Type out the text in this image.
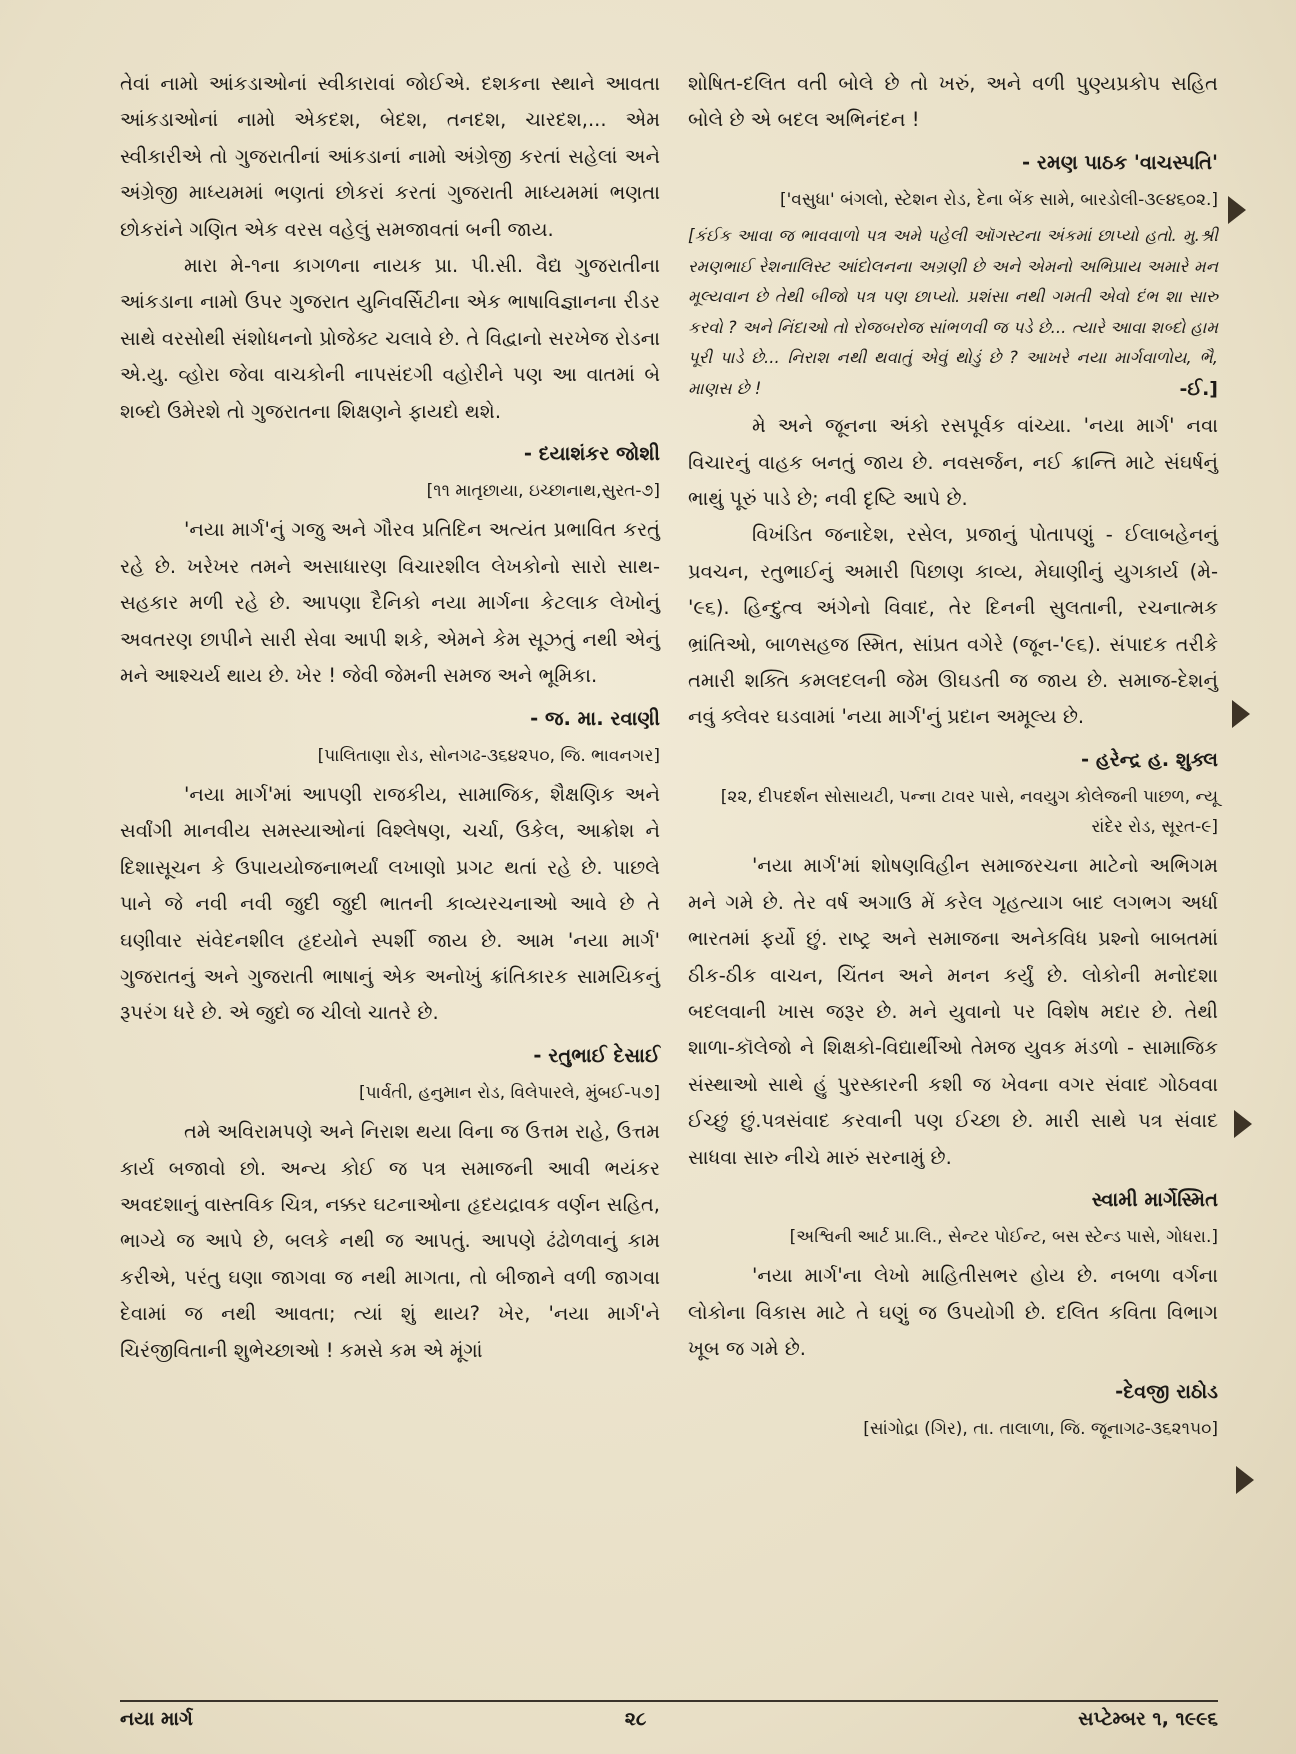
તેવાં નામો આંકડાઓનાં સ્વીકારાવાં જોઈએ. દશકના સ્થાને આવતા આંકડાઓનાં નામો એકદશ, બેદશ, તનદશ, ચારદશ,... એમ સ્વીકારીએ તો ગુજરાતીનાં આંકડાનાં નામો અંગ્રેજી કરતાં સહેલાં અને અંગ્રેજી માધ્યમમાં ભણતાં છોકરાં કરતાં ગુજરાતી માધ્યમમાં ભણતા છોકરાંને ગણિત એક વરસ વહેલું સમજાવતાં બની જાય.

મારા મે-૧ના કાગળના નાયક પ્રા. પી.સી. વૈદ્ય ગુજરાતીના આંકડાના નામો ઉપર ગુજરાત યુનિવર્સિટીના એક ભાષાવિજ્ઞાનના રીડર સાથે વરસોથી સંશોધનનો પ્રોજેક્ટ ચલાવે છે. તે વિદ્વાનો સરખેજ રોડના એ.યુ. વ્હોરા જેવા વાચકોની નાપસંદગી વહોરીને પણ આ વાતમાં બે શબ્દો ઉમેરશે તો ગુજરાતના શિક્ષણને ફાયદો થશે.

- દયાશંકર જોશી
[૧૧ માતૃછાયા, ઇચ્છાનાથ,સુરત-૭]

'નયા માર્ગ'નું ગજુ અને ગૌરવ પ્રતિદિન અત્યંત પ્રભાવિત કરતું રહે છે. ખરેખર તમને અસાધારણ વિચારશીલ લેખકોનો સારો સાથ-સહકાર મળી રહે છે. આપણા દૈનિકો નયા માર્ગના કેટલાક લેખોનું અવતરણ છાપીને સારી સેવા આપી શકે, એમને કેમ સૂઝતું નથી એનું મને આશ્ચર્ય થાય છે. ખેર ! જેવી જેમની સમજ અને ભૂમિકા.

- જ. મા. રવાણી
[પાલિતાણા રોડ, સોનગઢ-૩૬૪૨૫૦, જિ. ભાવનગર]

'નયા માર્ગ'માં આપણી રાજકીય, સામાજિક, શૈક્ષણિક અને સર્વાંગી માનવીય સમસ્યાઓનાં વિશ્લેષણ, ચર્ચા, ઉકેલ, આક્રોશ ને દિશાસૂચન કે ઉપાયયોજનાભર્યાં લખાણો પ્રગટ થતાં રહે છે. પાછલે પાને જે નવી નવી જુદી જુદી ભાતની કાવ્યરચનાઓ આવે છે તે ઘણીવાર સંવેદનશીલ હૃદયોને સ્પર્શી જાય છે. આમ 'નયા માર્ગ' ગુજરાતનું અને ગુજરાતી ભાષાનું એક અનોખું ક્રાંતિકારક સામયિકનું રૂપરંગ ધરે છે. એ જુદો જ ચીલો ચાતરે છે.

- રતુભાઈ દેસાઈ
[પાર્વતી, હનુમાન રોડ, વિલેપારલે, મુંબઈ-૫૭]

તમે અવિરામપણે અને નિરાશ થયા વિના જ ઉત્તમ રાહે, ઉત્તમ કાર્ય બજાવો છો. અન્ય કોઈ જ પત્ર સમાજની આવી ભયંકર અવદશાનું વાસ્તવિક ચિત્ર, નક્કર ઘટનાઓના હૃદયદ્રાવક વર્ણન સહિત, ભાગ્યે જ આપે છે, બલકે નથી જ આપતું. આપણે ઢંઢોળવાનું કામ કરીએ, પરંતુ ઘણા જાગવા જ નથી માગતા, તો બીજાને વળી જાગવા દેવામાં જ નથી આવતા; ત્યાં શું થાય? ખેર, 'નયા માર્ગ'ને ચિરંજીવિતાની શુભેચ્છાઓ ! કમસે કમ એ મૂંગાં

શોષિત-દલિત વતી બોલે છે તો ખરું, અને વળી પુણ્યપ્રકોપ સહિત બોલે છે એ બદલ અભિનંદન !

- રમણ પાઠક 'વાચસ્પતિ'
['વસુધા' બંગલો, સ્ટેશન રોડ, દેના બેંક સામે, બારડોલી-૩૯૪૬૦૨.]
[કંઈક આવા જ ભાવવાળો પત્ર અમે પહેલી ઑગસ્ટના અંકમાં છાપ્યો હતો. મુ.શ્રી રમણભાઈ રેશનાલિસ્ટ આંદોલનના અગ્રણી છે અને એમનો અભિપ્રાય અમારે મન મૂલ્યવાન છે તેથી બીજો પત્ર પણ છાપ્યો. પ્રશંસા નથી ગમતી એવો દંભ શા સારુ કરવો ? અને નિંદાઓ તો રોજબરોજ સાંભળવી જ પડે છે... ત્યારે આવા શબ્દો હામ પૂરી પાડે છે... નિરાશ નથી થવાતું એવું થોડું છે ? આખરે નયા માર્ગવાળોય, ભૈ, માણસ છે !	-ઈ.]

મે અને જૂનના અંકો રસપૂર્વક વાંચ્યા. 'નયા માર્ગ' નવા વિચારનું વાહક બનતું જાય છે. નવસર્જન, નઈ ક્રાન્તિ માટે સંઘર્ષનું ભાથું પૂરું પાડે છે; નવી દૃષ્ટિ આપે છે.

વિખંડિત જનાદેશ, રસેલ, પ્રજાનું પોતાપણું - ઈલાબહેનનું પ્રવચન, રતુભાઈનું અમારી પિછાણ કાવ્ય, મેઘાણીનું યુગકાર્ય (મે-'૯૬). હિન્દુત્વ અંગેનો વિવાદ, તેર દિનની સુલતાની, રચનાત્મક ભ્રાંતિઓ, બાળસહજ સ્મિત, સાંપ્રત વગેરે (જૂન-'૯૬). સંપાદક તરીકે તમારી શક્તિ કમલદલની જેમ ઊઘડતી જ જાય છે. સમાજ-દેશનું નવું ક્લેવર ઘડવામાં 'નયા માર્ગ'નું પ્રદાન અમૂલ્ય છે.

- હરેન્દ્ર હ. શુક્લ
[૨૨, દીપદર્શન સોસાયટી, પન્ના ટાવર પાસે, નવયુગ કોલેજની પાછળ, ન્યૂ રાંદેર રોડ, સૂરત-૯]

'નયા માર્ગ'માં શોષણવિહીન સમાજરચના માટેનો અભિગમ મને ગમે છે. તેર વર્ષ અગાઉ મેં કરેલ ગૃહત્યાગ બાદ લગભગ અર્ધા ભારતમાં ફર્યો છું. રાષ્ટ્ર અને સમાજના અનેકવિધ પ્રશ્નો બાબતમાં ઠીક-ઠીક વાચન, ચિંતન અને મનન કર્યું છે. લોકોની મનોદશા બદલવાની ખાસ જરૂર છે. મને યુવાનો પર વિશેષ મદાર છે. તેથી શાળા-કૉલેજો ને શિક્ષકો-વિદ્યાર્થીઓ તેમજ યુવક મંડળો - સામાજિક સંસ્થાઓ સાથે હું પુરસ્કારની કશી જ ખેવના વગર સંવાદ ગોઠવવા ઈચ્છું છું.પત્રસંવાદ કરવાની પણ ઈચ્છા છે. મારી સાથે પત્ર સંવાદ સાધવા સારુ નીચે મારું સરનામું છે.

સ્વામી માર્ગેસ્મિત
[અશ્વિની આર્ટ પ્રા.લિ., સેન્ટર પોઈન્ટ, બસ સ્ટેન્ડ પાસે, ગોધરા.]

'નયા માર્ગ'ના લેખો માહિતીસભર હોય છે. નબળા વર્ગના લોકોના વિકાસ માટે તે ઘણું જ ઉપયોગી છે. દલિત કવિતા વિભાગ ખૂબ જ ગમે છે.

-દેવજી રાઠોડ
[સાંગોદ્રા (ગિર), તા. તાલાળા, જિ. જૂનાગઢ-૩૬૨૧૫૦]
નયા માર્ગ	૨૮	સપ્ટેમ્બર ૧, ૧૯૯૬
